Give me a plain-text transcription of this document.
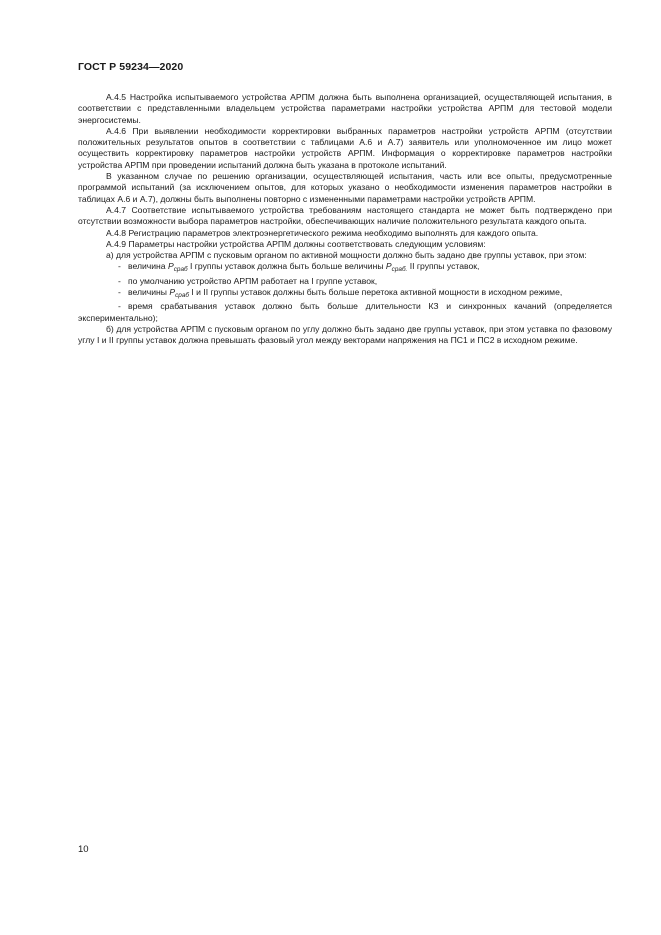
ГОСТ Р 59234—2020

А.4.5 Настройка испытываемого устройства АРПМ должна быть выполнена организацией, осуществляющей испытания, в соответствии с представленными владельцем устройства параметрами настройки устройства АРПМ для тестовой модели энергосистемы.

А.4.6 При выявлении необходимости корректировки выбранных параметров настройки устройств АРПМ (отсутствии положительных результатов опытов в соответствии с таблицами А.6 и А.7) заявитель или уполномоченное им лицо может осуществить корректировку параметров настройки устройств АРПМ. Информация о корректировке параметров настройки устройства АРПМ при проведении испытаний должна быть указана в протоколе испытаний.

В указанном случае по решению организации, осуществляющей испытания, часть или все опыты, предусмотренные программой испытаний (за исключением опытов, для которых указано о необходимости изменения параметров настройки в таблицах А.6 и А.7), должны быть выполнены повторно с измененными параметрами настройки устройств АРПМ.

А.4.7 Соответствие испытываемого устройства требованиям настоящего стандарта не может быть подтверждено при отсутствии возможности выбора параметров настройки, обеспечивающих наличие положительного результата каждого опыта.

А.4.8 Регистрацию параметров электроэнергетического режима необходимо выполнять для каждого опыта.

А.4.9 Параметры настройки устройства АРПМ должны соответствовать следующим условиям:

а) для устройства АРПМ с пусковым органом по активной мощности должно быть задано две группы уставок, при этом:

- величина $P_{сраб}$ I группы уставок должна быть больше величины $P_{сраб.}$ II группы уставок,

- по умолчанию устройство АРПМ работает на I группе уставок,

- величины $P_{сраб}$ I и II группы уставок должны быть больше перетока активной мощности в исходном режиме,

- время срабатывания уставок должно быть больше длительности КЗ и синхронных качаний (определяется экспериментально);

б) для устройства АРПМ с пусковым органом по углу должно быть задано две группы уставок, при этом уставка по фазовому углу I и II группы уставок должна превышать фазовый угол между векторами напряжения на ПС1 и ПС2 в исходном режиме.

10
